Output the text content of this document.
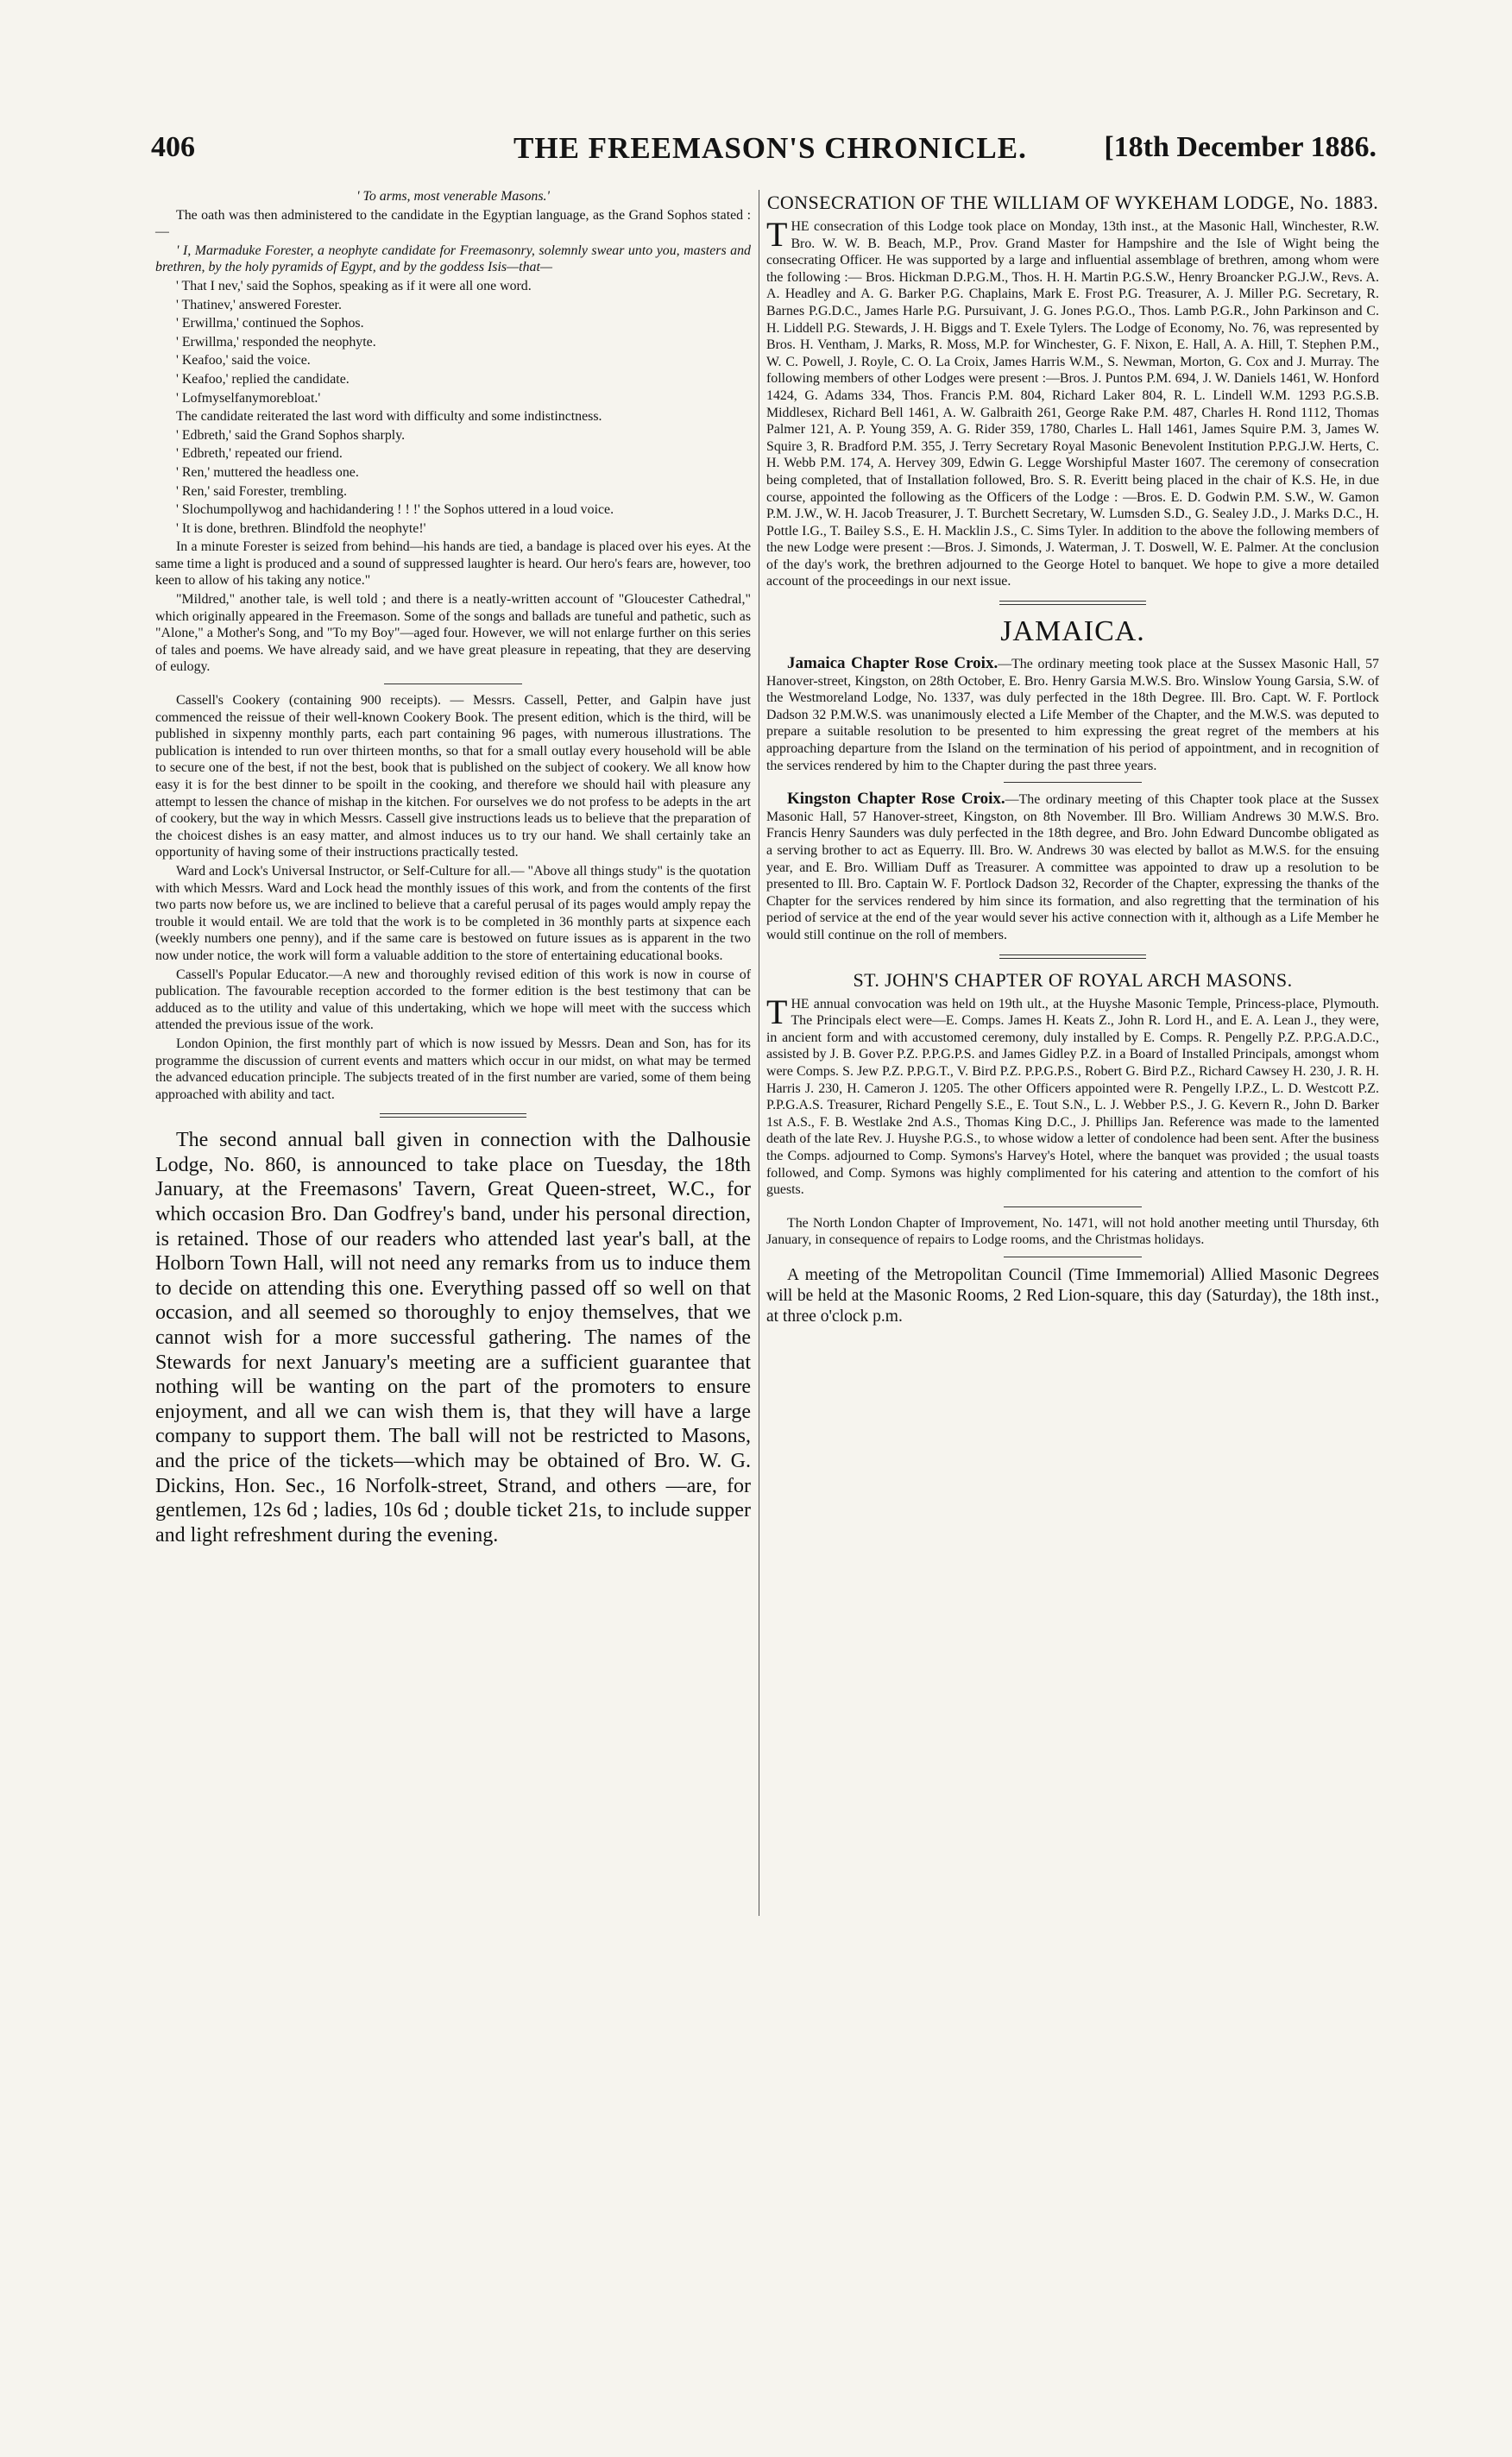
406	THE FREEMASON'S CHRONICLE.	[18th December 1886.

' To arms, most venerable Masons.'

The oath was then administered to the candidate in the Egyptian language, as the Grand Sophos stated :—

' I, Marmaduke Forester, a neophyte candidate for Freemasonry, solemnly swear unto you, masters and brethren, by the holy pyramids of Egypt, and by the goddess Isis—that—

' That I nev,' said the Sophos, speaking as if it were all one word.

' Thatinev,' answered Forester.

' Erwillma,' continued the Sophos.

' Erwillma,' responded the neophyte.

' Keafoo,' said the voice.

' Keafoo,' replied the candidate.

' Lofmyselfanymorebloat.'

The candidate reiterated the last word with difficulty and some indistinctness.

' Edbreth,' said the Grand Sophos sharply.

' Edbreth,' repeated our friend.

' Ren,' muttered the headless one.

' Ren,' said Forester, trembling.

' Slochumpollywog and hachidandering ! ! !' the Sophos uttered in a loud voice.

' It is done, brethren. Blindfold the neophyte!'

In a minute Forester is seized from behind—his hands are tied, a bandage is placed over his eyes. At the same time a light is produced and a sound of suppressed laughter is heard. Our hero's fears are, however, too keen to allow of his taking any notice."

"Mildred," another tale, is well told ; and there is a neatly-written account of "Gloucester Cathedral," which originally appeared in the Freemason. Some of the songs and ballads are tuneful and pathetic, such as "Alone," a Mother's Song, and "To my Boy"—aged four. However, we will not enlarge further on this series of tales and poems. We have already said, and we have great pleasure in repeating, that they are deserving of eulogy.

Cassell's Cookery (containing 900 receipts). — Messrs. Cassell, Petter, and Galpin have just commenced the reissue of their well-known Cookery Book. The present edition, which is the third, will be published in sixpenny monthly parts, each part containing 96 pages, with numerous illustrations. The publication is intended to run over thirteen months, so that for a small outlay every household will be able to secure one of the best, if not the best, book that is published on the subject of cookery. We all know how easy it is for the best dinner to be spoilt in the cooking, and therefore we should hail with pleasure any attempt to lessen the chance of mishap in the kitchen. For ourselves we do not profess to be adepts in the art of cookery, but the way in which Messrs. Cassell give instructions leads us to believe that the preparation of the choicest dishes is an easy matter, and almost induces us to try our hand. We shall certainly take an opportunity of having some of their instructions practically tested.

Ward and Lock's Universal Instructor, or Self-Culture for all.— "Above all things study" is the quotation with which Messrs. Ward and Lock head the monthly issues of this work, and from the contents of the first two parts now before us, we are inclined to believe that a careful perusal of its pages would amply repay the trouble it would entail. We are told that the work is to be completed in 36 monthly parts at sixpence each (weekly numbers one penny), and if the same care is bestowed on future issues as is apparent in the two now under notice, the work will form a valuable addition to the store of entertaining educational books.

Cassell's Popular Educator.—A new and thoroughly revised edition of this work is now in course of publication. The favourable reception accorded to the former edition is the best testimony that can be adduced as to the utility and value of this undertaking, which we hope will meet with the success which attended the previous issue of the work.

London Opinion, the first monthly part of which is now issued by Messrs. Dean and Son, has for its programme the discussion of current events and matters which occur in our midst, on what may be termed the advanced education principle. The subjects treated of in the first number are varied, some of them being approached with ability and tact.

The second annual ball given in connection with the Dalhousie Lodge, No. 860, is announced to take place on Tuesday, the 18th January, at the Freemasons' Tavern, Great Queen-street, W.C., for which occasion Bro. Dan Godfrey's band, under his personal direction, is retained. Those of our readers who attended last year's ball, at the Holborn Town Hall, will not need any remarks from us to induce them to decide on attending this one. Everything passed off so well on that occasion, and all seemed so thoroughly to enjoy themselves, that we cannot wish for a more successful gathering. The names of the Stewards for next January's meeting are a sufficient guarantee that nothing will be wanting on the part of the promoters to ensure enjoyment, and all we can wish them is, that they will have a large company to support them. The ball will not be restricted to Masons, and the price of the tickets—which may be obtained of Bro. W. G. Dickins, Hon. Sec., 16 Norfolk-street, Strand, and others —are, for gentlemen, 12s 6d ; ladies, 10s 6d ; double ticket 21s, to include supper and light refreshment during the evening.

CONSECRATION OF THE WILLIAM OF WYKEHAM LODGE, No. 1883.

THE consecration of this Lodge took place on Monday, 13th inst., at the Masonic Hall, Winchester, R.W. Bro. W. W. B. Beach, M.P., Prov. Grand Master for Hampshire and the Isle of Wight being the consecrating Officer. He was supported by a large and influential assemblage of brethren, among whom were the following :— Bros. Hickman D.P.G.M., Thos. H. H. Martin P.G.S.W., Henry Broancker P.G.J.W., Revs. A. A. Headley and A. G. Barker P.G. Chaplains, Mark E. Frost P.G. Treasurer, A. J. Miller P.G. Secretary, R. Barnes P.G.D.C., James Harle P.G. Pursuivant, J. G. Jones P.G.O., Thos. Lamb P.G.R., John Parkinson and C. H. Liddell P.G. Stewards, J. H. Biggs and T. Exele Tylers. The Lodge of Economy, No. 76, was represented by Bros. H. Ventham, J. Marks, R. Moss, M.P. for Winchester, G. F. Nixon, E. Hall, A. A. Hill, T. Stephen P.M., W. C. Powell, J. Royle, C. O. La Croix, James Harris W.M., S. Newman, Morton, G. Cox and J. Murray. The following members of other Lodges were present :—Bros. J. Puntos P.M. 694, J. W. Daniels 1461, W. Honford 1424, G. Adams 334, Thos. Francis P.M. 804, Richard Laker 804, R. L. Lindell W.M. 1293 P.G.S.B. Middlesex, Richard Bell 1461, A. W. Galbraith 261, George Rake P.M. 487, Charles H. Rond 1112, Thomas Palmer 121, A. P. Young 359, A. G. Rider 359, 1780, Charles L. Hall 1461, James Squire P.M. 3, James W. Squire 3, R. Bradford P.M. 355, J. Terry Secretary Royal Masonic Benevolent Institution P.P.G.J.W. Herts, C. H. Webb P.M. 174, A. Hervey 309, Edwin G. Legge Worshipful Master 1607. The ceremony of consecration being completed, that of Installation followed, Bro. S. R. Everitt being placed in the chair of K.S. He, in due course, appointed the following as the Officers of the Lodge : —Bros. E. D. Godwin P.M. S.W., W. Gamon P.M. J.W., W. H. Jacob Treasurer, J. T. Burchett Secretary, W. Lumsden S.D., G. Sealey J.D., J. Marks D.C., H. Pottle I.G., T. Bailey S.S., E. H. Macklin J.S., C. Sims Tyler. In addition to the above the following members of the new Lodge were present :—Bros. J. Simonds, J. Waterman, J. T. Doswell, W. E. Palmer. At the conclusion of the day's work, the brethren adjourned to the George Hotel to banquet. We hope to give a more detailed account of the proceedings in our next issue.

JAMAICA.

Jamaica Chapter Rose Croix.—The ordinary meeting took place at the Sussex Masonic Hall, 57 Hanover-street, Kingston, on 28th October, E. Bro. Henry Garsia M.W.S. Bro. Winslow Young Garsia, S.W. of the Westmoreland Lodge, No. 1337, was duly perfected in the 18th Degree. Ill. Bro. Capt. W. F. Portlock Dadson 32 P.M.W.S. was unanimously elected a Life Member of the Chapter, and the M.W.S. was deputed to prepare a suitable resolution to be presented to him expressing the great regret of the members at his approaching departure from the Island on the termination of his period of appointment, and in recognition of the services rendered by him to the Chapter during the past three years.

Kingston Chapter Rose Croix.—The ordinary meeting of this Chapter took place at the Sussex Masonic Hall, 57 Hanover-street, Kingston, on 8th November. Ill Bro. William Andrews 30 M.W.S. Bro. Francis Henry Saunders was duly perfected in the 18th degree, and Bro. John Edward Duncombe obligated as a serving brother to act as Equerry. Ill. Bro. W. Andrews 30 was elected by ballot as M.W.S. for the ensuing year, and E. Bro. William Duff as Treasurer. A committee was appointed to draw up a resolution to be presented to Ill. Bro. Captain W. F. Portlock Dadson 32, Recorder of the Chapter, expressing the thanks of the Chapter for the services rendered by him since its formation, and also regretting that the termination of his period of service at the end of the year would sever his active connection with it, although as a Life Member he would still continue on the roll of members.

ST. JOHN'S CHAPTER OF ROYAL ARCH MASONS.

THE annual convocation was held on 19th ult., at the Huyshe Masonic Temple, Princess-place, Plymouth. The Principals elect were—E. Comps. James H. Keats Z., John R. Lord H., and E. A. Lean J., they were, in ancient form and with accustomed ceremony, duly installed by E. Comps. R. Pengelly P.Z. P.P.G.A.D.C., assisted by J. B. Gover P.Z. P.P.G.P.S. and James Gidley P.Z. in a Board of Installed Principals, amongst whom were Comps. S. Jew P.Z. P.P.G.T., V. Bird P.Z. P.P.G.P.S., Robert G. Bird P.Z., Richard Cawsey H. 230, J. R. H. Harris J. 230, H. Cameron J. 1205. The other Officers appointed were R. Pengelly I.P.Z., L. D. Westcott P.Z. P.P.G.A.S. Treasurer, Richard Pengelly S.E., E. Tout S.N., L. J. Webber P.S., J. G. Kevern R., John D. Barker 1st A.S., F. B. Westlake 2nd A.S., Thomas King D.C., J. Phillips Jan. Reference was made to the lamented death of the late Rev. J. Huyshe P.G.S., to whose widow a letter of condolence had been sent. After the business the Comps. adjourned to Comp. Symons's Harvey's Hotel, where the banquet was provided ; the usual toasts followed, and Comp. Symons was highly complimented for his catering and attention to the comfort of his guests.

The North London Chapter of Improvement, No. 1471, will not hold another meeting until Thursday, 6th January, in consequence of repairs to Lodge rooms, and the Christmas holidays.

A meeting of the Metropolitan Council (Time Immemorial) Allied Masonic Degrees will be held at the Masonic Rooms, 2 Red Lion-square, this day (Saturday), the 18th inst., at three o'clock p.m.
